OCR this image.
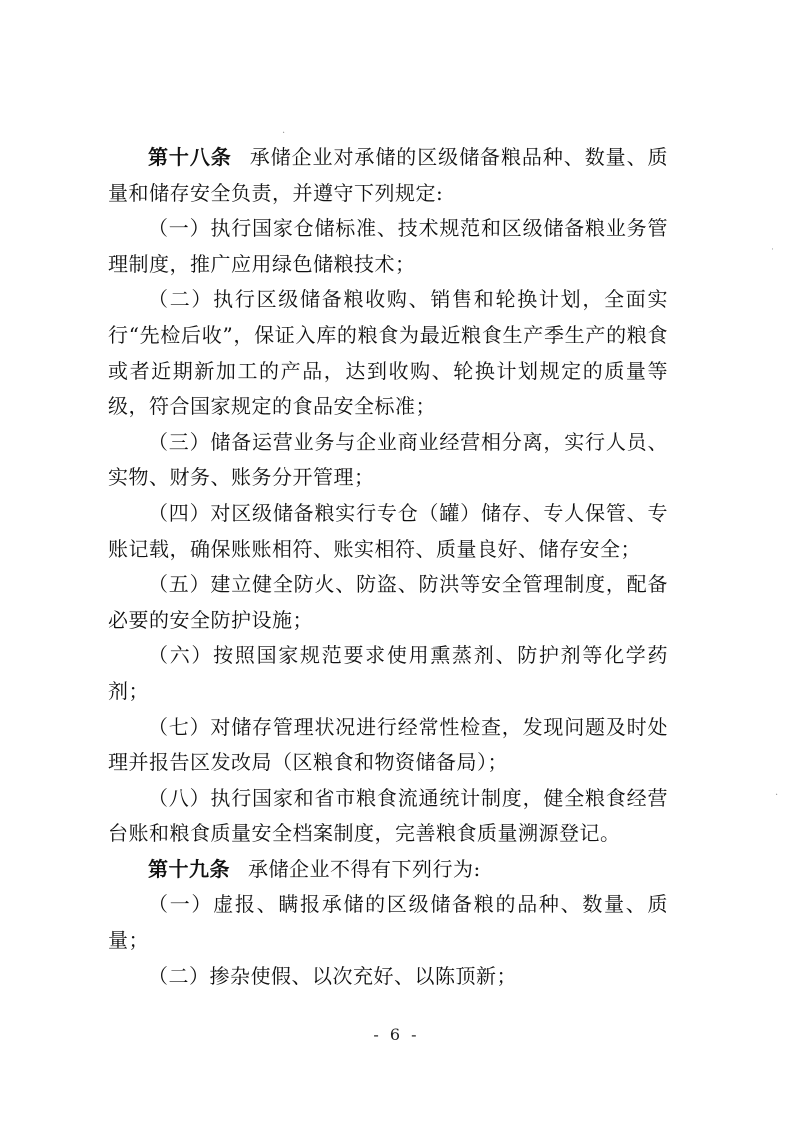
˙
·
·

第十八条 承储企业对承储的区级储备粮品种、数量、质量和储存安全负责，并遵守下列规定:

（一）执行国家仓储标准、技术规范和区级储备粮业务管理制度，推广应用绿色储粮技术；

（二）执行区级储备粮收购、销售和轮换计划，全面实行“先检后收”，保证入库的粮食为最近粮食生产季生产的粮食或者近期新加工的产品，达到收购、轮换计划规定的质量等级，符合国家规定的食品安全标准；

（三）储备运营业务与企业商业经营相分离，实行人员、实物、财务、账务分开管理；

（四）对区级储备粮实行专仓（罐）储存、专人保管、专账记载，确保账账相符、账实相符、质量良好、储存安全；

（五）建立健全防火、防盗、防洪等安全管理制度，配备必要的安全防护设施；

（六）按照国家规范要求使用熏蒸剂、防护剂等化学药剂；

（七）对储存管理状况进行经常性检查，发现问题及时处理并报告区发改局（区粮食和物资储备局）；

（八）执行国家和省市粮食流通统计制度，健全粮食经营台账和粮食质量安全档案制度，完善粮食质量溯源登记。

第十九条 承储企业不得有下列行为:

（一）虚报、瞒报承储的区级储备粮的品种、数量、质量；

（二）掺杂使假、以次充好、以陈顶新；

- 6 -
